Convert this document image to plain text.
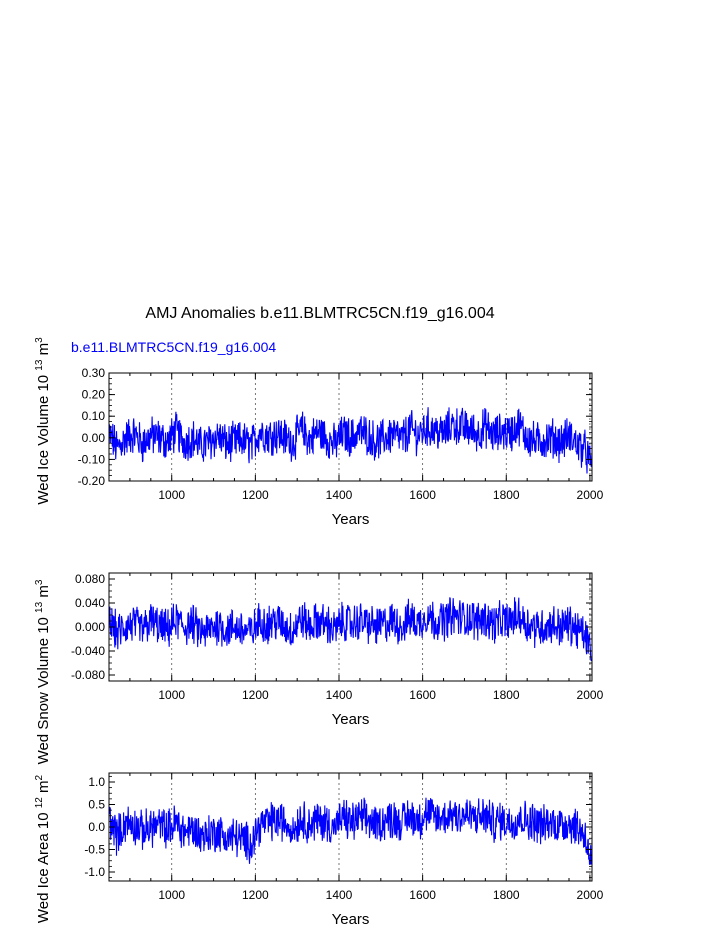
AMJ Anomalies b.e11.BLMTRC5CN.f19_g16.004
b.e11.BLMTRC5CN.f19_g16.004
1000	1200	1400	1600	1800	2000
Years
-0.20
-0.10
0.00
0.10
0.20
0.30
Wed Ice Volume 10 $^{13}$ $m^3$
1000	1200	1400	1600	1800	2000
Years
-0.080
-0.040
0.000
0.040
0.080
Wed Snow Volume 10 $^{13}$ $m^3$
1000	1200	1400	1600	1800	2000
Years
-1.0
-0.5
0.0
0.5
1.0
Wed Ice Area 10 $^{12}$ $m^2$
